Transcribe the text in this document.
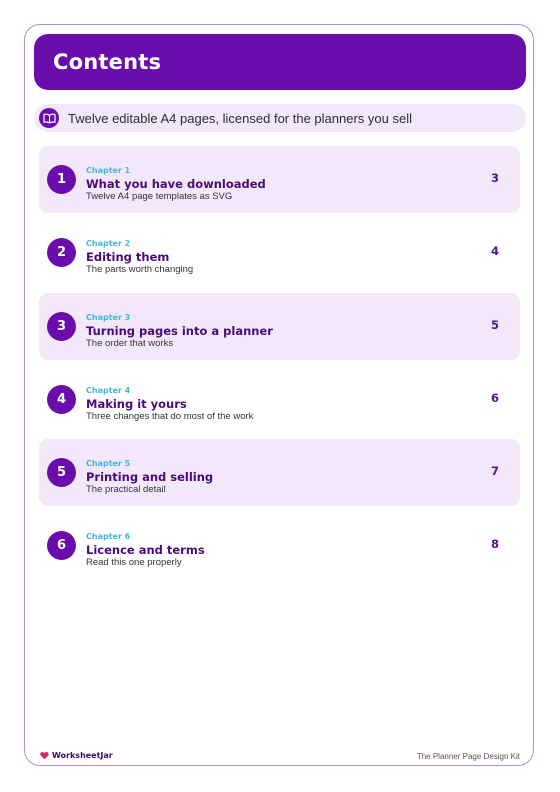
Contents
Twelve editable A4 pages, licensed for the planners you sell
1
Chapter 1
What you have downloaded
Twelve A4 page templates as SVG
3
2
Chapter 2
Editing them
The parts worth changing
4
3
Chapter 3
Turning pages into a planner
The order that works
5
4
Chapter 4
Making it yours
Three changes that do most of the work
6
5
Chapter 5
Printing and selling
The practical detail
7
6
Chapter 6
Licence and terms
Read this one properly
8
WorksheetJar	The Planner Page Design Kit
